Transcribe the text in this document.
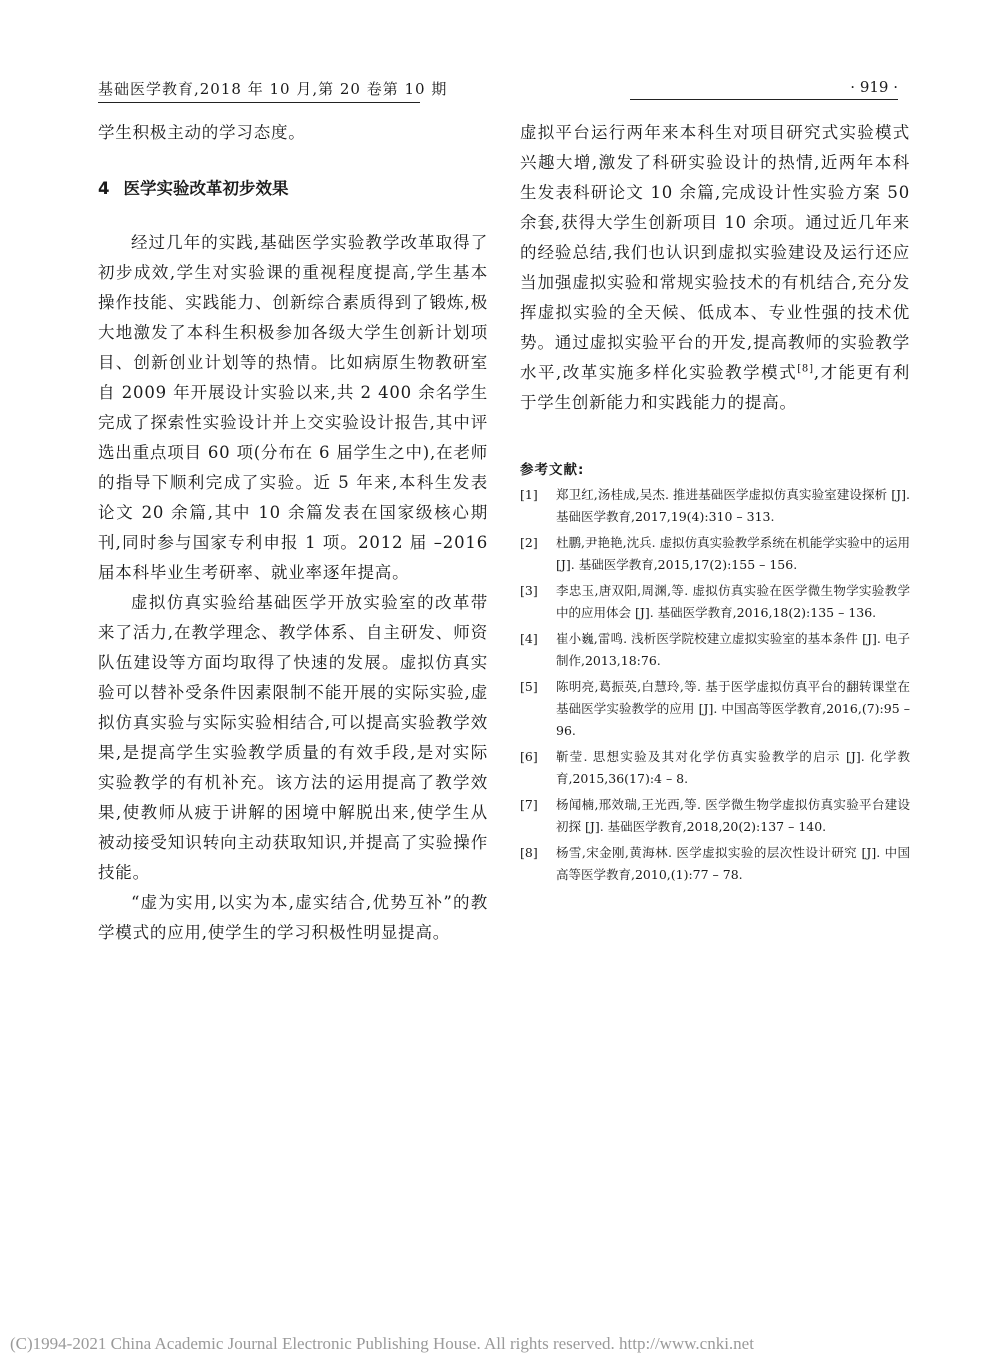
基础医学教育,2018 年 10 月,第 20 卷第 10 期	· 919 ·

学生积极主动的学习态度。

4 医学实验改革初步效果

经过几年的实践,基础医学实验教学改革取得了初步成效,学生对实验课的重视程度提高,学生基本操作技能、实践能力、创新综合素质得到了锻炼,极大地激发了本科生积极参加各级大学生创新计划项目、创新创业计划等的热情。比如病原生物教研室自 2009 年开展设计实验以来,共 2 400 余名学生完成了探索性实验设计并上交实验设计报告,其中评选出重点项目 60 项(分布在 6 届学生之中),在老师的指导下顺利完成了实验。近 5 年来,本科生发表论文 20 余篇,其中 10 余篇发表在国家级核心期刊,同时参与国家专利申报 1 项。2012 届 –2016 届本科毕业生考研率、就业率逐年提高。

虚拟仿真实验给基础医学开放实验室的改革带来了活力,在教学理念、教学体系、自主研发、师资队伍建设等方面均取得了快速的发展。虚拟仿真实验可以替补受条件因素限制不能开展的实际实验,虚拟仿真实验与实际实验相结合,可以提高实验教学效果,是提高学生实验教学质量的有效手段,是对实际实验教学的有机补充。该方法的运用提高了教学效果,使教师从疲于讲解的困境中解脱出来,使学生从被动接受知识转向主动获取知识,并提高了实验操作技能。

“虚为实用,以实为本,虚实结合,优势互补”的教学模式的应用,使学生的学习积极性明显提高。

虚拟平台运行两年来本科生对项目研究式实验模式兴趣大增,激发了科研实验设计的热情,近两年本科生发表科研论文 10 余篇,完成设计性实验方案 50 余套,获得大学生创新项目 10 余项。通过近几年来的经验总结,我们也认识到虚拟实验建设及运行还应当加强虚拟实验和常规实验技术的有机结合,充分发挥虚拟实验的全天候、低成本、专业性强的技术优势。通过虚拟实验平台的开发,提高教师的实验教学水平,改革实施多样化实验教学模式[8],才能更有利于学生创新能力和实践能力的提高。

参考文献:
[1]	郑卫红,汤桂成,吴杰. 推进基础医学虚拟仿真实验室建设探析 [J]. 基础医学教育,2017,19(4):310 – 313.
[2]	杜鹏,尹艳艳,沈兵. 虚拟仿真实验教学系统在机能学实验中的运用 [J]. 基础医学教育,2015,17(2):155 – 156.
[3]	李忠玉,唐双阳,周渊,等. 虚拟仿真实验在医学微生物学实验教学中的应用体会 [J]. 基础医学教育,2016,18(2):135 – 136.
[4]	崔小巍,雷鸣. 浅析医学院校建立虚拟实验室的基本条件 [J]. 电子制作,2013,18:76.
[5]	陈明亮,葛振英,白慧玲,等. 基于医学虚拟仿真平台的翻转课堂在基础医学实验教学的应用 [J]. 中国高等医学教育,2016,(7):95 – 96.
[6]	靳莹. 思想实验及其对化学仿真实验教学的启示 [J]. 化学教育,2015,36(17):4 – 8.
[7]	杨闻楠,邢效瑞,王光西,等. 医学微生物学虚拟仿真实验平台建设初探 [J]. 基础医学教育,2018,20(2):137 – 140.
[8]	杨雪,宋金刚,黄海林. 医学虚拟实验的层次性设计研究 [J]. 中国高等医学教育,2010,(1):77 – 78.
(C)1994-2021 China Academic Journal Electronic Publishing House. All rights reserved. http://www.cnki.net
